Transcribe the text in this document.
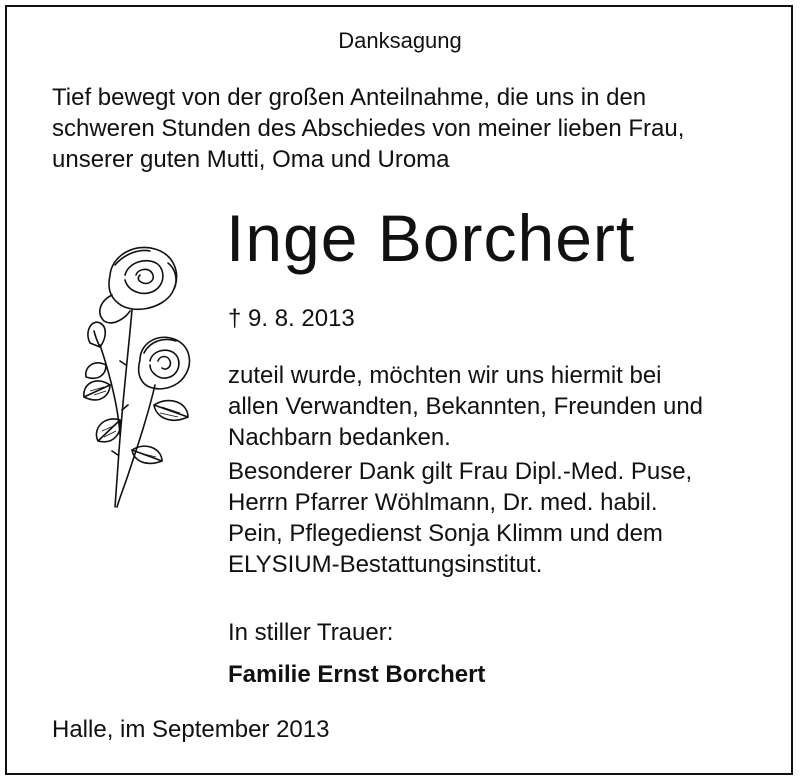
Danksagung
Tief bewegt von der großen Anteilnahme, die uns in den
schweren Stunden des Abschiedes von meiner lieben Frau,
unserer guten Mutti, Oma und Uroma
Inge Borchert
† 9. 8. 2013
zuteil wurde, möchten wir uns hiermit bei
allen Verwandten, Bekannten, Freunden und
Nachbarn bedanken.
Besonderer Dank gilt Frau Dipl.-Med. Puse,
Herrn Pfarrer Wöhlmann, Dr. med. habil.
Pein, Pflegedienst Sonja Klimm und dem
ELYSIUM-Bestattungsinstitut.
In stiller Trauer:
Familie Ernst Borchert
Halle, im September 2013
